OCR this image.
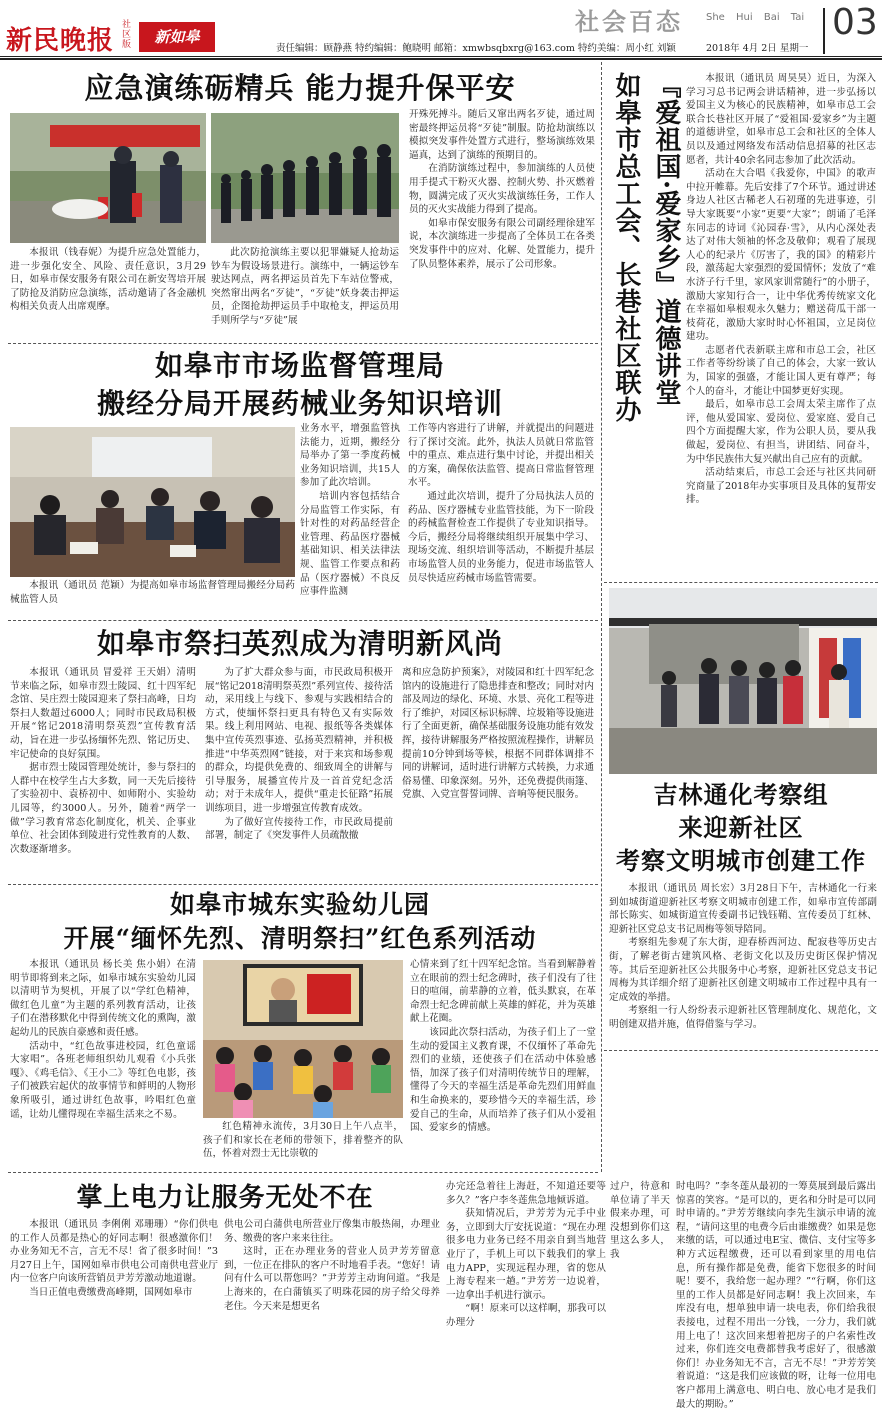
新民晚报
社区版	新如皋
社会百态 She Hui Bai Tai 03
责任编辑：顾静燕 特约编辑：鲍晓明 邮箱：xmwbsqbxrg@163.com 特约美编：周小红 刘颖	2018年 4月 2日 星期一
应急演练砺精兵 能力提升保平安

本报讯（钱春妮）为提升应急处置能力，进一步强化安全、风险、责任意识，3月29日，如皋市保安服务有限公司在新安驾培开展了防抢及消防应急演练，活动邀请了各金融机构相关负责人出席观摩。

此次防抢演练主要以犯罪嫌疑人抢劫运钞车为假设场景进行。演练中，一辆运钞车驶达网点，两名押运员首先下车站位警戒，突然窜出两名“歹徒”，“歹徒”妖身袭击押运员，企图抢劫押运员手中取枪支，押运员用手则所学与“歹徒”展

开殊死搏斗。随后又窜出两名歹徒，通过周密最终押运员将“歹徒”制服。防抢劫演练以模拟突发事件处置方式进行，整场演练效果逼真，达到了演练的预期目的。

在消防演练过程中，参加演练的人员使用手提式干粉灭火器、控制火势、扑灭燃着物，圆满完成了灭火实战演练任务，工作人员的灭火实战能力得到了提高。

如皋市保安服务有限公司副经理徐建军说，本次演练进一步提高了全体员工在各类突发事件中的应对、化解、处置能力，提升了队员整体素养，展示了公司形象。

如皋市市场监督管理局
搬经分局开展药械业务知识培训

本报讯（通讯员 范颖）为提高如皋市场监督管理局搬经分局药械监管人员

业务水平，增强监管执法能力，近期，搬经分局举办了第一季度药械业务知识培训，共15人参加了此次培训。

培训内容包括结合分局监管工作实际，有针对性的对药品经营企业管理、药品医疗器械基础知识、相关法律法规、监管工作要点和药品（医疗器械）不良反应事件监测

工作等内容进行了讲解，并就提出的问题进行了探讨交流。此外，执法人员就日常监管中的重点、难点进行集中讨论，并提出相关的方案，确保依法监管、提高日常监督管理水平。

通过此次培训，提升了分局执法人员的药品、医疗器械专业监管技能，为下一阶段的药械监督检查工作提供了专业知识指导。今后，搬经分局将继续组织开展集中学习、现场交流、组织培训等活动，不断提升基层市场监管人员的业务能力，促进市场监管人员尽快适应药械市场监管需要。

如皋市祭扫英烈成为清明新风尚

本报讯（通讯员 冒爱祥 王天娟）清明节来临之际，如皋市烈士陵园、红十四军纪念馆、吴庄烈士陵园迎来了祭扫高峰，日均祭扫人数超过6000人；同时市民政局积极开展“铭记2018清明祭英烈”宣传教育活动，旨在进一步弘扬缅怀先烈、铭记历史、牢记使命的良好氛围。

据市烈士陵园管理处统计，参与祭扫的人群中在校学生占大多数，同一天先后接待了实验初中、袁桥初中、如师附小、实验幼儿园等，约3000人。另外，随着“两学一做”学习教育常态化制度化，机关、企事业单位、社会团体到陵进行党性教育的人数、次数逐渐增多。

为了扩大群众参与面，市民政局积极开展“铭记2018清明祭英烈”系列宣传、接待活动，采用线上与线下、参观与实践相结合的方式，使缅怀祭扫更具有特色又有实际效果。线上利用网站、电视、报纸等各类媒体集中宣传英烈事迹、弘扬英烈精神，并积极推进“中华英烈网”链接，对于来宾和场参观的群众，均提供免费的、细致周全的讲解与引导服务，展播宣传片及一首首党纪念活动；对于未成年人，提供“重走长征路”拓展训练项目，进一步增强宣传教育成效。

为了做好宣传接待工作，市民政局提前部署，制定了《突发事件人员疏散撤

离和应急防护预案》，对陵园和红十四军纪念馆内的设施进行了隐患排查和整改；同时对内部及周边的绿化、环境、水景、亮化工程等进行了维护，对园区标识标牌、垃圾箱等设施进行了全面更新，确保基础服务设施功能有效发挥，接待讲解服务严格按照流程操作，讲解员提前10分钟到场等候，根据不同群体调排不同的讲解词，适时进行讲解方式转换，力求通俗易懂、印象深刻。另外，还免费提供雨篷、党旗、入党宣誓誓词牌、音响等便民服务。

如皋市城东实验幼儿园
开展“缅怀先烈、清明祭扫”红色系列活动

本报讯（通讯员 杨长美 焦小娟）在清明节即将到来之际，如皋市城东实验幼儿园以清明节为契机，开展了以“学红色精神，做红色儿童”为主题的系列教育活动，让孩子们在潜移默化中得到传统文化的熏陶，激起幼儿的民族自豪感和责任感。

活动中，“红色故事进校园，红色童谣大家唱”。各班老师组织幼儿观看《小兵张嘎》、《鸡毛信》、《王小二》等红色电影，孩子们被跌宕起伏的故事情节和鲜明的人物形象所吸引，通过讲红色故事，吟唱红色童谣，让幼儿懂得现在幸福生活来之不易。

红色精神永流传，3月30日上午八点半，孩子们和家长在老师的带领下，排着整齐的队伍，怀着对烈士无比崇敬的

心情来到了红十四军纪念馆。当看到解静着立在眼前的烈士纪念碑时，孩子们没有了往日的喧闹，前辈静的立着，低头默哀，在革命烈士纪念碑前献上英雄的鲜花，并为英雄献上花圈。

该园此次祭扫活动，为孩子们上了一堂生动的爱国主义教育课，不仅缅怀了革命先烈们的业绩，还使孩子们在活动中体验感悟，加深了孩子们对清明传统节日的理解，懂得了今天的幸福生活是革命先烈们用鲜血和生命换来的，要珍惜今天的幸福生活，珍爱自己的生命，从而培养了孩子们从小爱祖国、爱家乡的情感。

掌上电力让服务无处不在

本报讯（通讯员 李俐俐 邓珊珊）“你们供电的工作人员都是热心的好同志啊！很感激你们！办业务知无不言，言无不尽！省了很多时间！”3月27日上午，国网如皋市供电公司南供电营业厅内一位客户向该所营销员尹芳芳激动地道谢。

当日正值电费缴费高峰期，国网如皋市

供电公司白蒲供电所营业厅像集市般热闹，办理业务、缴费的客户来来往往。

这时，正在办理业务的营业人员尹芳芳留意到，一位正在排队的客户不时地看手表。“您好！请问有什么可以帮您吗？”尹芳芳主动询问道。“我是上海来的，在白蒲镇买了明珠花园的房子给父母养老住。今天来是想更名

办完还急着往上海赶，不知道还要等多久？”客户李冬莲焦急地倾诉道。

获知情况后，尹芳芳为元手中业务，立即到大厅安抚说道：“现在办理很多电力业务已经不用亲自到当地营业厅了，手机上可以下载我们的掌上电力APP，实现远程办理，省的您从上海专程来一趟。”尹芳芳一边说着，一边拿出手机进行演示。

“啊！原来可以这样啊，那我可以办理分

过户，待意和单位请了半天假来办理，可没想到你们这里这么多人，我

时电吗？”李冬莲从最初的一筹莫展到最后露出惊喜的笑容。“是可以的，更名和分时是可以同时申请的。”尹芳芳继续向李先生演示申请的流程，“请问这里的电费今后由谁缴费？如果是您来缴的话，可以通过电E宝、微信、支付宝等多种方式远程缴费，还可以看到家里的用电信息，所有操作都是免费，能省下您很多的时间呢！要不，我给您一起办理？”“行啊，你们这里的工作人员都是好同志啊！我上次回来，车库没有电，想单独申请一块电表，你们给我很表接电，过程不用出一分钱，一分力，我们就用上电了！这次回来想着把房子的户名索性改过来，你们连交电费都替我考虑好了，很感激你们！办业务知无不言，言无不尽！”尹芳芳笑着说道：“这是我们应该做的呀，让每一位用电客户都用上满意电、明白电、放心电才是我们最大的期盼。”

『爱祖国·爱家乡』道德讲堂
如皋市总工会、长巷社区联办	本报讯（通讯员 周昊昊）近日，为深入学习习总书记两会讲话精神，进一步弘扬以爱国主义为核心的民族精神，如皋市总工会联合长巷社区开展了“爱祖国·爱家乡”为主题的道德讲堂，如皋市总工会和社区的全体人员以及通过网络发布活动信息招募的社区志愿者，共计40余名同志参加了此次活动。

活动在大合唱《我爱你，中国》的歌声中拉开帷幕。先后安排了7个环节。通过讲述身边人社区古稀老人石初瑾的先进事迹，引导大家既要“小家”更要“大家”；朗诵了毛泽东同志的诗词《沁园春·雪》，从内心深处表达了对伟大领袖的怀念及敬仰；观看了展现人心的纪录片《厉害了，我的国》的精彩片段，激荡起大家强烈的爱国情怀；发放了“难水济子行千里，家风家训常随行”的小册子，激励大家知行合一，让中华优秀传统家文化在幸福如皋根观永久魅力；赠送荷瓜干部一枝荷花，激励大家时时心怀祖国，立足岗位建功。

志愿者代表新联主席和市总工会，社区工作者等纷纷谈了自己的体会，大家一致认为，国家的强盛，才能让国人更有尊严；每个人的奋斗，才能让中国梦更好实现。

最后，如皋市总工会周太荣主席作了点评，他从爱国家、爱岗位、爱家庭、爱自己四个方面提醒大家，作为公职人员，要从我做起，爱岗位、有担当，讲团结、同奋斗，为中华民族伟大复兴献出自己应有的贡献。

活动结束后，市总工会还与社区共同研究商量了2018年办实事项目及具体的复帮安排。

吉林通化考察组
来迎新社区
考察文明城市创建工作

本报讯（通讯员 周长宏）3月28日下午，吉林通化一行来到如城街道迎新社区考察文明城市创建工作，如皋市宣传部副部长陈实、如城街道宣传委副书记钱钰鞘、宣传委员丁红林、迎新社区党总支书记周梅等领导陪同。

考察组先参观了东大街，迎春桥西河边、配寂巷等历史古街，了解老街古建筑风格、老街文化以及历史街区保护情况等。其后至迎新社区公共服务中心考察，迎新社区党总支书记周梅为其详细介绍了迎新社区创建文明城市工作过程中具有一定成效的举措。

考察组一行人纷纷表示迎新社区管理制度化、规范化，文明创建双措并施，值得借鉴与学习。
